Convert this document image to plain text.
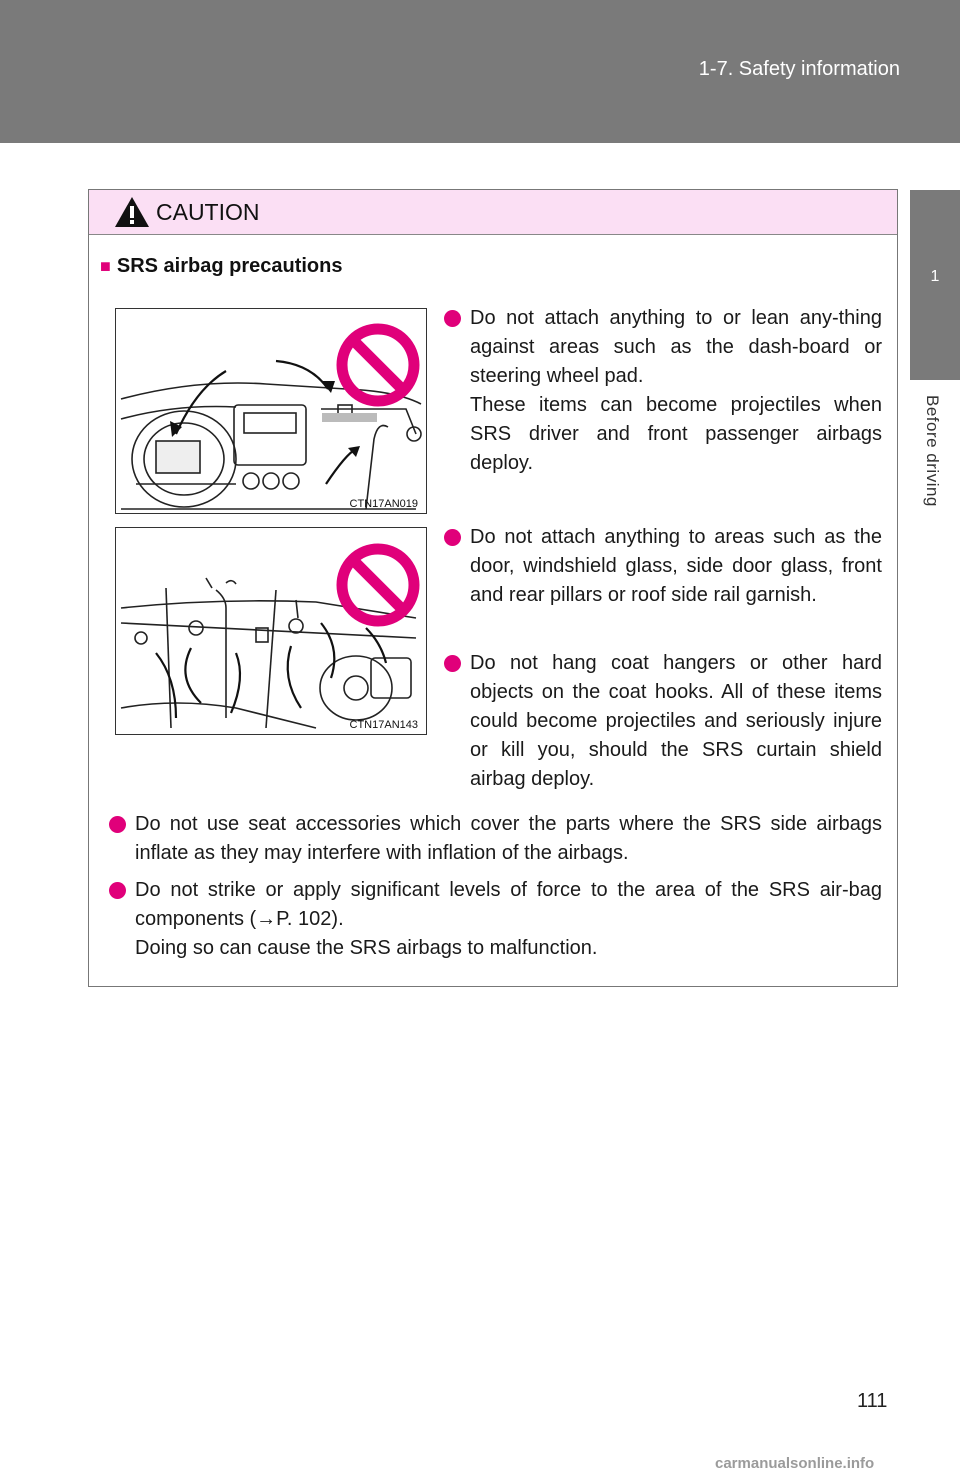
1-7. Safety information
1
Before driving
CAUTION
■ SRS airbag precautions
CTN17AN019
CTN17AN143
Do not attach anything to or lean any-thing against areas such as the dash-board or steering wheel pad.
These items can become projectiles when SRS driver and front passenger airbags deploy.
Do not attach anything to areas such as the door, windshield glass, side door glass, front and rear pillars or roof side rail garnish.
Do not hang coat hangers or other hard objects on the coat hooks. All of these items could become projectiles and seriously injure or kill you, should the SRS curtain shield airbag deploy.
Do not use seat accessories which cover the parts where the SRS side airbags inflate as they may interfere with inflation of the airbags.
Do not strike or apply significant levels of force to the area of the SRS air-bag components (→P. 102).
Doing so can cause the SRS airbags to malfunction.
111
carmanualsonline.info
